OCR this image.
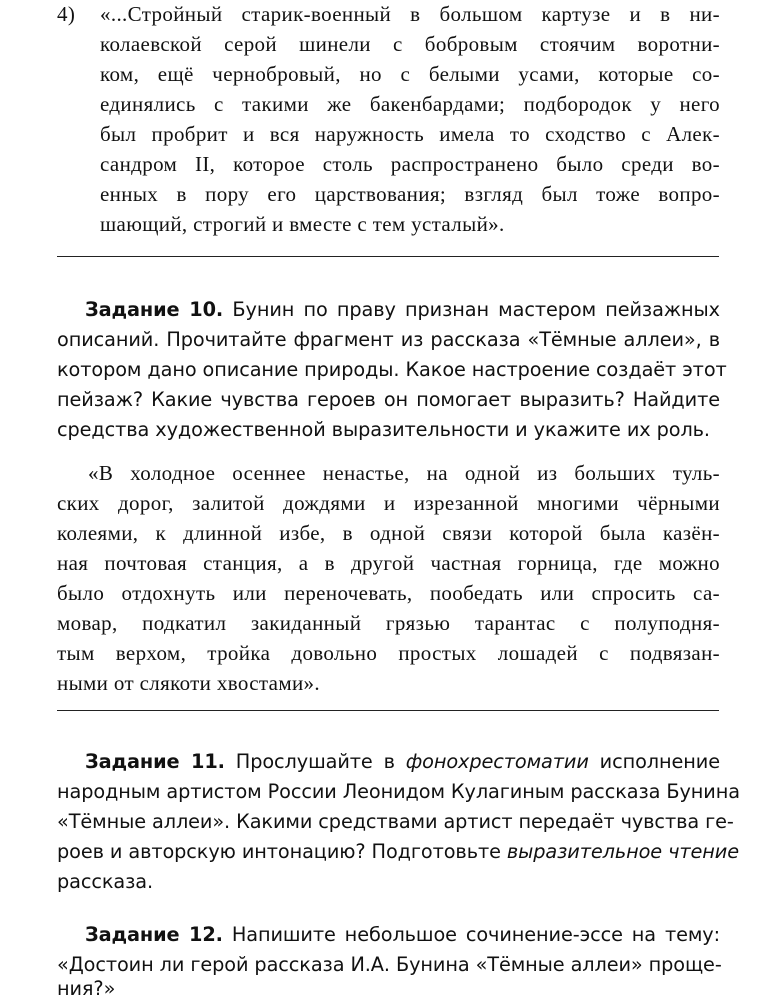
4) «...Стройный старик-военный в большом картузе и в ни-
колаевской серой шинели с бобровым стоячим воротни-
ком, ещё чернобровый, но с белыми усами, которые со-
единялись с такими же бакенбардами; подбородок у него
был пробрит и вся наружность имела то сходство с Алек-
сандром II, которое столь распространено было среди во-
енных в пору его царствования; взгляд был тоже вопро-
шающий, строгий и вместе с тем усталый».
Задание 10. Бунин по праву признан мастером пейзажных
описаний. Прочитайте фрагмент из рассказа «Тёмные аллеи», в
котором дано описание природы. Какое настроение создаёт этот
пейзаж? Какие чувства героев он помогает выразить? Найдите
средства художественной выразительности и укажите их роль.
«В холодное осеннее ненастье, на одной из больших туль-
ских дорог, залитой дождями и изрезанной многими чёрными
колеями, к длинной избе, в одной связи которой была казён-
ная почтовая станция, а в другой частная горница, где можно
было отдохнуть или переночевать, пообедать или спросить са-
мовар, подкатил закиданный грязью тарантас с полуподня-
тым верхом, тройка довольно простых лошадей с подвязан-
ными от слякоти хвостами».
Задание 11. Прослушайте в фонохрестоматии исполнение
народным артистом России Леонидом Кулагиным рассказа Бунина
«Тёмные аллеи». Какими средствами артист передаёт чувства ге-
роев и авторскую интонацию? Подготовьте выразительное чтение
рассказа.
Задание 12. Напишите небольшое сочинение-эссе на тему:
«Достоин ли герой рассказа И.А. Бунина «Тёмные аллеи» проще-
ния?»
